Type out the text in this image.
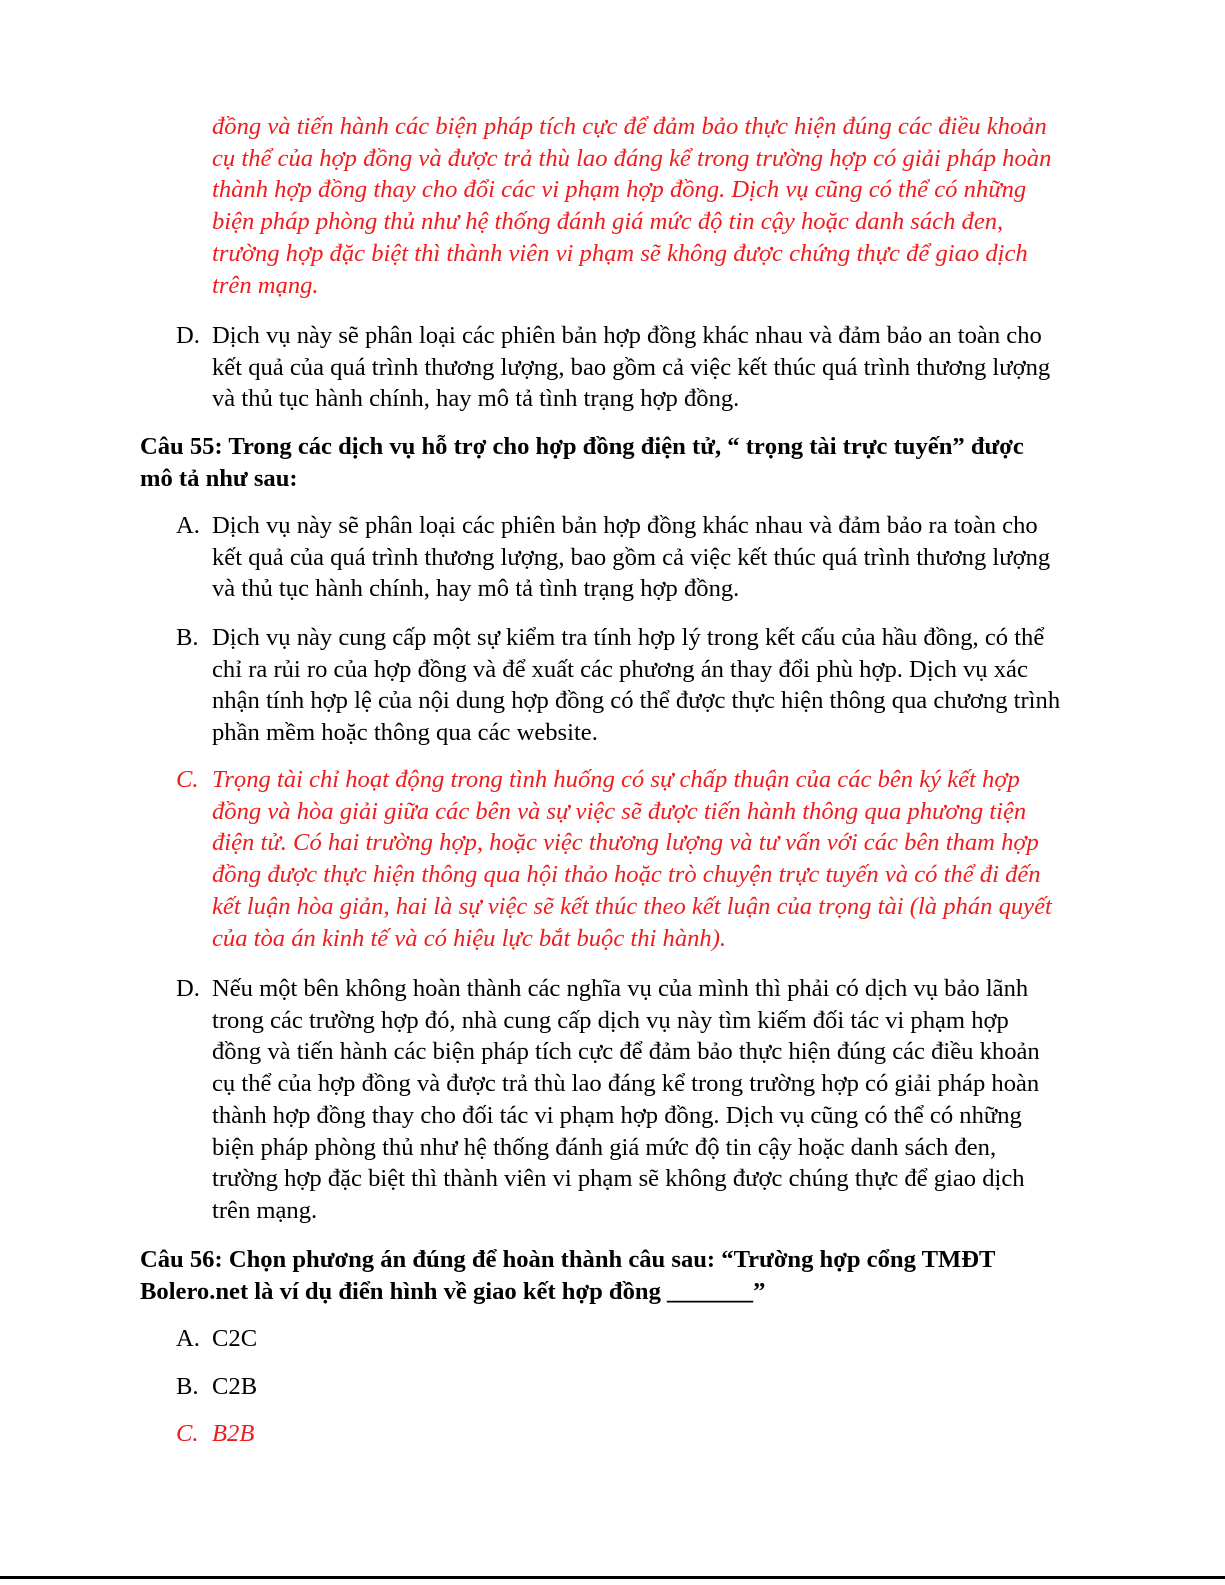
đồng và tiến hành các biện pháp tích cực để đảm bảo thực hiện đúng các điều khoản
cụ thể của hợp đồng và được trả thù lao đáng kể trong trường hợp có giải pháp hoàn
thành hợp đồng thay cho đổi các vi phạm hợp đồng. Dịch vụ cũng có thể có những
biện pháp phòng thủ như hệ thống đánh giá mức độ tin cậy hoặc danh sách đen,
trường hợp đặc biệt thì thành viên vi phạm sẽ không được chứng thực để giao dịch
trên mạng.
D. Dịch vụ này sẽ phân loại các phiên bản hợp đồng khác nhau và đảm bảo an toàn cho
kết quả của quá trình thương lượng, bao gồm cả việc kết thúc quá trình thương lượng
và thủ tục hành chính, hay mô tả tình trạng hợp đồng.
Câu 55: Trong các dịch vụ hỗ trợ cho hợp đồng điện tử, “ trọng tài trực tuyến” được
mô tả như sau:
A. Dịch vụ này sẽ phân loại các phiên bản hợp đồng khác nhau và đảm bảo ra toàn cho
kết quả của quá trình thương lượng, bao gồm cả việc kết thúc quá trình thương lượng
và thủ tục hành chính, hay mô tả tình trạng hợp đồng.
B. Dịch vụ này cung cấp một sự kiểm tra tính hợp lý trong kết cấu của hầu đồng, có thể
chỉ ra rủi ro của hợp đồng và để xuất các phương án thay đổi phù hợp. Dịch vụ xác
nhận tính hợp lệ của nội dung hợp đồng có thể được thực hiện thông qua chương trình
phần mềm hoặc thông qua các website.
C. Trọng tài chỉ hoạt động trong tình huống có sự chấp thuận của các bên ký kết hợp
đồng và hòa giải giữa các bên và sự việc sẽ được tiến hành thông qua phương tiện
điện tử. Có hai trường hợp, hoặc việc thương lượng và tư vấn với các bên tham hợp
đồng được thực hiện thông qua hội thảo hoặc trò chuyện trực tuyến và có thể đi đến
kết luận hòa giản, hai là sự việc sẽ kết thúc theo kết luận của trọng tài (là phán quyết
của tòa án kinh tế và có hiệu lực bắt buộc thi hành).
D. Nếu một bên không hoàn thành các nghĩa vụ của mình thì phải có dịch vụ bảo lãnh
trong các trường hợp đó, nhà cung cấp dịch vụ này tìm kiếm đối tác vi phạm hợp
đồng và tiến hành các biện pháp tích cực để đảm bảo thực hiện đúng các điều khoản
cụ thể của hợp đồng và được trả thù lao đáng kể trong trường hợp có giải pháp hoàn
thành hợp đồng thay cho đối tác vi phạm hợp đồng. Dịch vụ cũng có thể có những
biện pháp phòng thủ như hệ thống đánh giá mức độ tin cậy hoặc danh sách đen,
trường hợp đặc biệt thì thành viên vi phạm sẽ không được chúng thực để giao dịch
trên mạng.
Câu 56: Chọn phương án đúng để hoàn thành câu sau: “Trường hợp cổng TMĐT
Bolero.net là ví dụ điển hình về giao kết hợp đồng _______”
A. C2C
B. C2B
C. B2B
